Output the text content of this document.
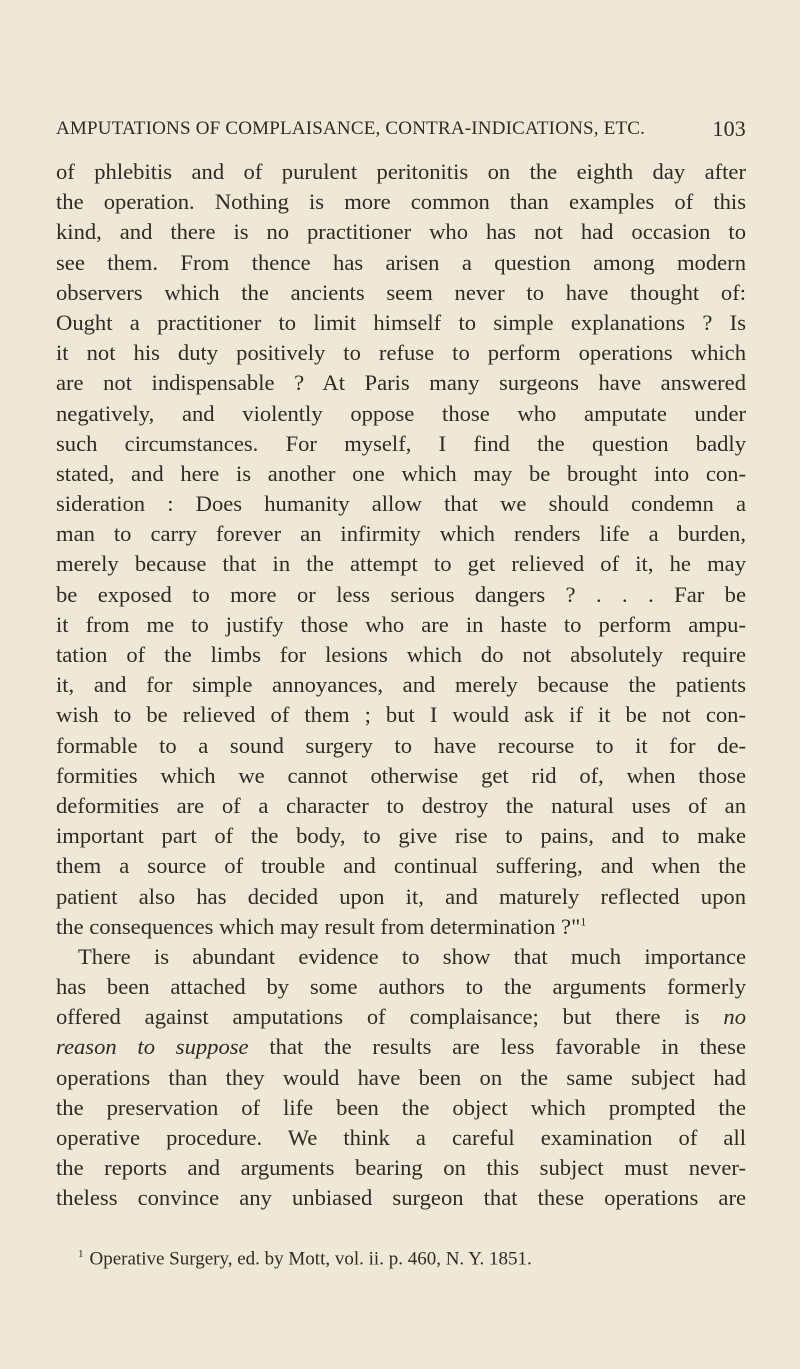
AMPUTATIONS OF COMPLAISANCE, CONTRA-INDICATIONS, ETC.	103
of phlebitis and of purulent peritonitis on the eighth day after
the operation. Nothing is more common than examples of this
kind, and there is no practitioner who has not had occasion to
see them. From thence has arisen a question among modern
observers which the ancients seem never to have thought of:
Ought a practitioner to limit himself to simple explanations ? Is
it not his duty positively to refuse to perform operations which
are not indispensable ? At Paris many surgeons have answered
negatively, and violently oppose those who amputate under
such circumstances. For myself, I find the question badly
stated, and here is another one which may be brought into con-
sideration : Does humanity allow that we should condemn a
man to carry forever an infirmity which renders life a burden,
merely because that in the attempt to get relieved of it, he may
be exposed to more or less serious dangers ? . . . Far be
it from me to justify those who are in haste to perform ampu-
tation of the limbs for lesions which do not absolutely require
it, and for simple annoyances, and merely because the patients
wish to be relieved of them ; but I would ask if it be not con-
formable to a sound surgery to have recourse to it for de-
formities which we cannot otherwise get rid of, when those
deformities are of a character to destroy the natural uses of an
important part of the body, to give rise to pains, and to make
them a source of trouble and continual suffering, and when the
patient also has decided upon it, and maturely reflected upon
the consequences which may result from determination ?"$^1$
There is abundant evidence to show that much importance
has been attached by some authors to the arguments formerly
offered against amputations of complaisance; but there is no
reason to suppose that the results are less favorable in these
operations than they would have been on the same subject had
the preservation of life been the object which prompted the
operative procedure. We think a careful examination of all
the reports and arguments bearing on this subject must never-
theless convince any unbiased surgeon that these operations are
$^1$ Operative Surgery, ed. by Mott, vol. ii. p. 460, N. Y. 1851.
